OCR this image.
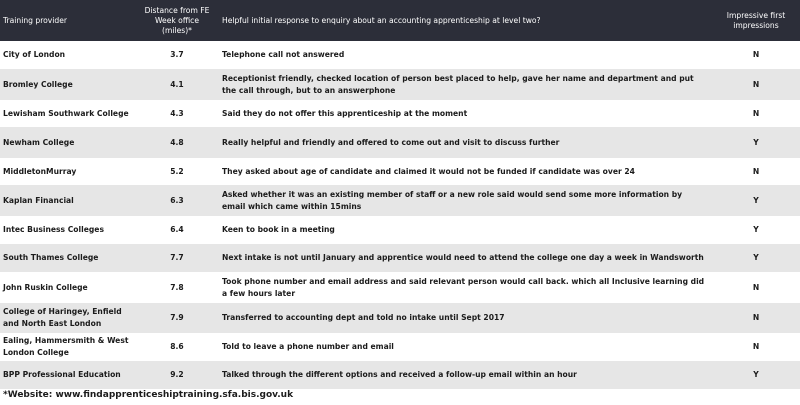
Training provider	Distance from FE Week office (miles)*	Helpful initial response to enquiry about an accounting apprenticeship at level two?	Impressive first impressions
City of London	3.7	Telephone call not answered	N
Bromley College	4.1	Receptionist friendly, checked location of person best placed to help, gave her name and department and put the call through, but to an answerphone	N
Lewisham Southwark College	4.3	Said they do not offer this apprenticeship at the moment	N
Newham College	4.8	Really helpful and friendly and offered to come out and visit to discuss further	Y
MiddletonMurray	5.2	They asked about age of candidate and claimed it would not be funded if candidate was over 24	N
Kaplan Financial	6.3	Asked whether it was an existing member of staff or a new role said would send some more information by email which came within 15mins	Y
Intec Business Colleges	6.4	Keen to book in a meeting	Y
South Thames College	7.7	Next intake is not until January and apprentice would need to attend the college one day a week in Wandsworth	Y
John Ruskin College	7.8	Took phone number and email address and said relevant person would call back. which all Inclusive learning did a few hours later	N
College of Haringey, Enfield and North East London	7.9	Transferred to accounting dept and told no intake until Sept 2017	N
Ealing, Hammersmith & West London College	8.6	Told to leave a phone number and email	N
BPP Professional Education	9.2	Talked through the different options and received a follow-up email within an hour	Y
*Website: www.findapprenticeshiptraining.sfa.bis.gov.uk
